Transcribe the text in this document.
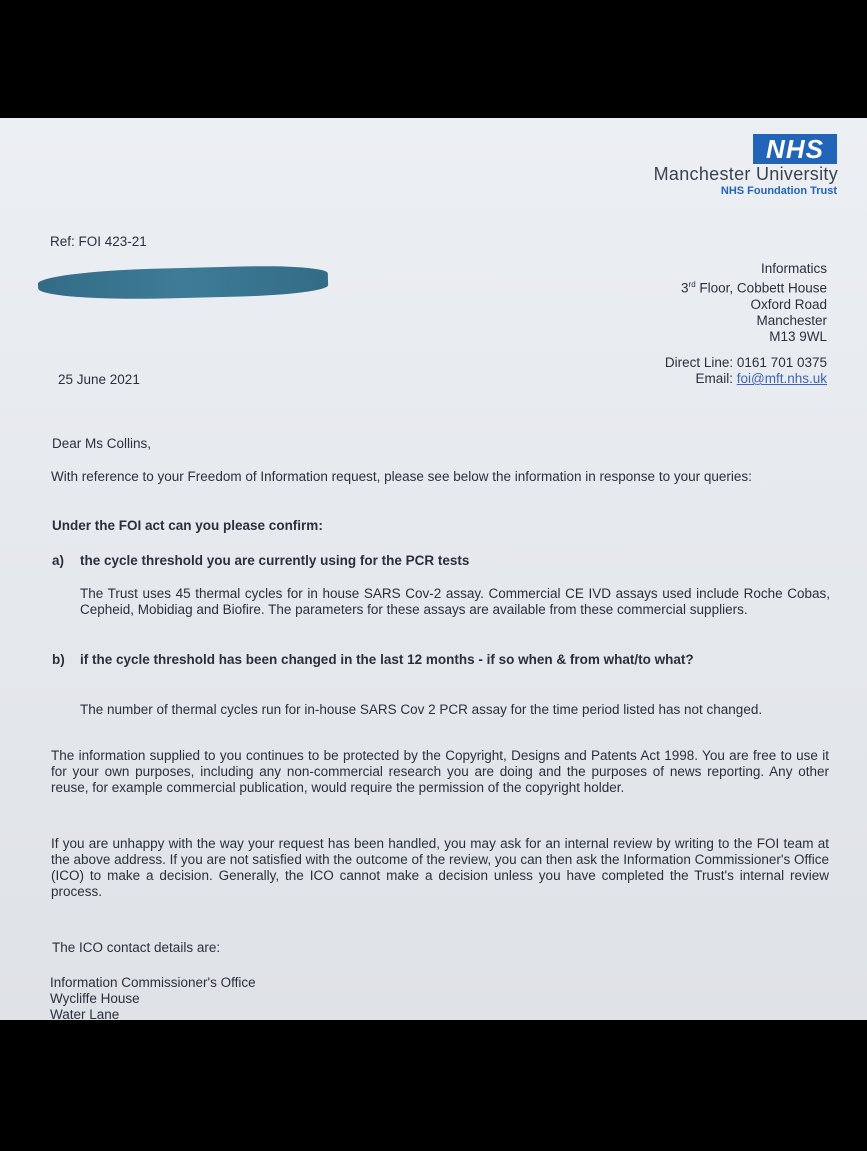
NHS
Manchester University
NHS Foundation Trust
Ref: FOI 423-21
Informatics
3rd Floor, Cobbett House
Oxford Road
Manchester
M13 9WL
Direct Line: 0161 701 0375
Email: foi@mft.nhs.uk
25 June 2021
Dear Ms Collins,
With reference to your Freedom of Information request, please see below the information in response to your queries:
Under the FOI act can you please confirm:
a) the cycle threshold you are currently using for the PCR tests
The Trust uses 45 thermal cycles for in house SARS Cov-2 assay. Commercial CE IVD assays used include Roche Cobas, Cepheid, Mobidiag and Biofire. The parameters for these assays are available from these commercial suppliers.
b) if the cycle threshold has been changed in the last 12 months - if so when & from what/to what?
The number of thermal cycles run for in-house SARS Cov 2 PCR assay for the time period listed has not changed.
The information supplied to you continues to be protected by the Copyright, Designs and Patents Act 1998. You are free to use it for your own purposes, including any non-commercial research you are doing and the purposes of news reporting. Any other reuse, for example commercial publication, would require the permission of the copyright holder.
If you are unhappy with the way your request has been handled, you may ask for an internal review by writing to the FOI team at the above address. If you are not satisfied with the outcome of the review, you can then ask the Information Commissioner's Office (ICO) to make a decision. Generally, the ICO cannot make a decision unless you have completed the Trust's internal review process.
The ICO contact details are:
Information Commissioner's Office
Wycliffe House
Water Lane
